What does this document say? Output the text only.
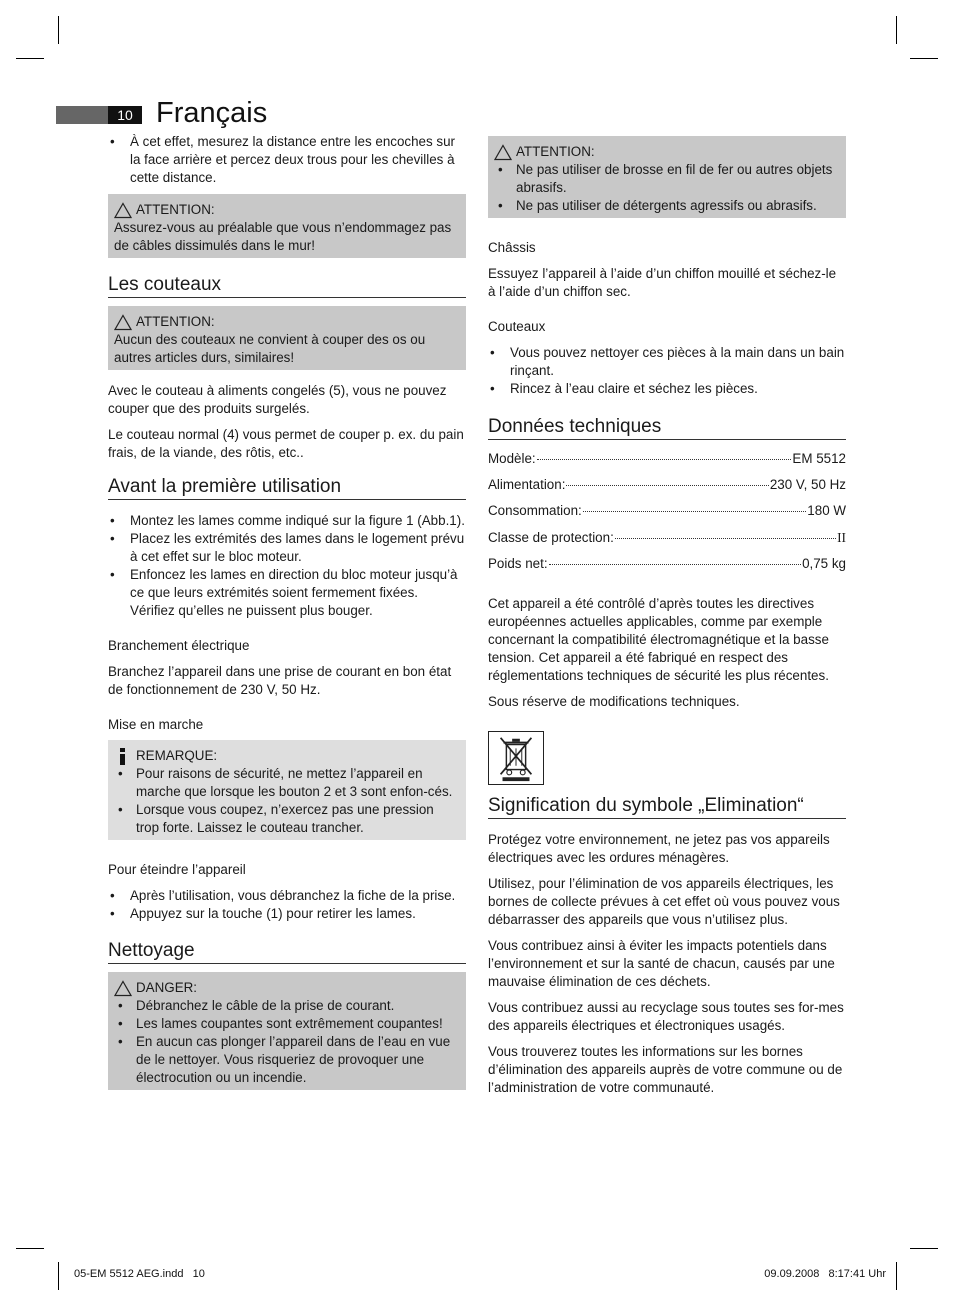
10 Français

• À cet effet, mesurez la distance entre les encoches sur la face arrière et percez deux trous pour les chevilles à cette distance.

ATTENTION:

Assurez-vous au préalable que vous n’endommagez pas de câbles dissimulés dans le mur!

Les couteaux
ATTENTION:

Aucun des couteaux ne convient à couper des os ou autres articles durs, similaires!

Avec le couteau à aliments congelés (5), vous ne pouvez couper que des produits surgelés.

Le couteau normal (4) vous permet de couper p. ex. du pain frais, de la viande, des rôtis, etc..

Avant la première utilisation

• Montez les lames comme indiqué sur la figure 1 (Abb.1).

• Placez les extrémités des lames dans le logement prévu à cet effet sur le bloc moteur.

• Enfoncez les lames en direction du bloc moteur jusqu’à ce que leurs extrémités soient fermement fixées. Vérifiez qu’elles ne puissent plus bouger.

Branchement électrique

Branchez l’appareil dans une prise de courant en bon état de fonctionnement de 230 V, 50 Hz.

Mise en marche

REMARQUE:

• Pour raisons de sécurité, ne mettez l’appareil en marche que lorsque les bouton 2 et 3 sont enfon-cés.

• Lorsque vous coupez, n’exercez pas une pression trop forte. Laissez le couteau trancher.

Pour éteindre l’appareil

• Après l’utilisation, vous débranchez la fiche de la prise.

• Appuyez sur la touche (1) pour retirer les lames.

Nettoyage
DANGER:

• Débranchez le câble de la prise de courant.

• Les lames coupantes sont extrêmement coupantes!

• En aucun cas plonger l’appareil dans de l’eau en vue de le nettoyer. Vous risqueriez de provoquer une électrocution ou un incendie.

ATTENTION:

• Ne pas utiliser de brosse en fil de fer ou autres objets abrasifs.

• Ne pas utiliser de détergents agressifs ou abrasifs.

Châssis

Essuyez l’appareil à l’aide d’un chiffon mouillé et séchez-le à l’aide d’un chiffon sec.

Couteaux

• Vous pouvez nettoyer ces pièces à la main dans un bain rinçant.

• Rincez à l’eau claire et séchez les pièces.

Données techniques
Modèle:	EM 5512
Alimentation:	230 V, 50 Hz
Consommation:	180 W
Classe de protection:	II
Poids net:	0,75 kg

Cet appareil a été contrôlé d’après toutes les directives européennes actuelles applicables, comme par exemple concernant la compatibilité électromagnétique et la basse tension. Cet appareil a été fabriqué en respect des réglementations techniques de sécurité les plus récentes.

Sous réserve de modifications techniques.

Signification du symbole „Elimination“

Protégez votre environnement, ne jetez pas vos appareils électriques avec les ordures ménagères.

Utilisez, pour l’élimination de vos appareils électriques, les bornes de collecte prévues à cet effet où vous pouvez vous débarrasser des appareils que vous n’utilisez plus.

Vous contribuez ainsi à éviter les impacts potentiels dans l’environnement et sur la santé de chacun, causés par une mauvaise élimination de ces déchets.

Vous contribuez aussi au recyclage sous toutes ses for-mes des appareils électriques et électroniques usagés.

Vous trouverez toutes les informations sur les bornes d’élimination des appareils auprès de votre commune ou de l’administration de votre communauté.

05-EM 5512 AEG.indd   10	09.09.2008   8:17:41 Uhr
